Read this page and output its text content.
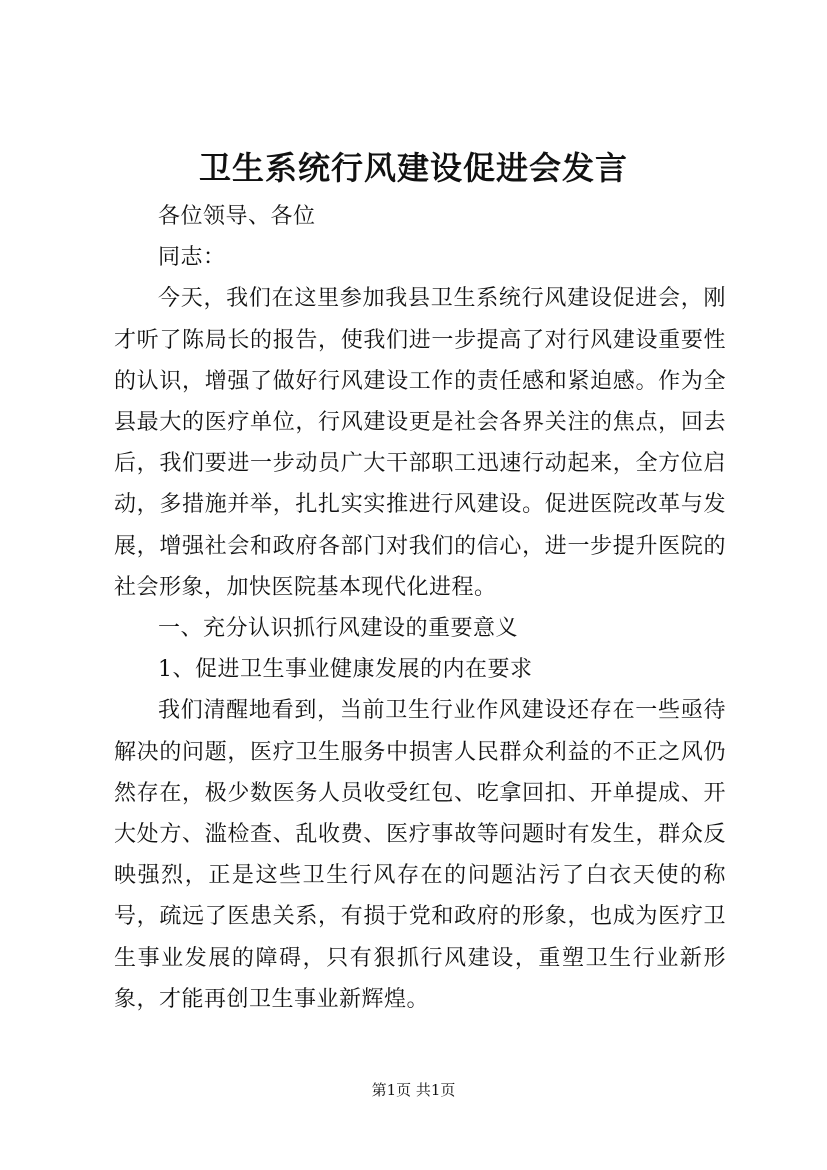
卫生系统行风建设促进会发言

各位领导、各位

同志：

今天，我们在这里参加我县卫生系统行风建设促进会，刚才听了陈局长的报告，使我们进一步提高了对行风建设重要性的认识，增强了做好行风建设工作的责任感和紧迫感。作为全县最大的医疗单位，行风建设更是社会各界关注的焦点，回去后，我们要进一步动员广大干部职工迅速行动起来，全方位启动，多措施并举，扎扎实实推进行风建设。促进医院改革与发展，增强社会和政府各部门对我们的信心，进一步提升医院的社会形象，加快医院基本现代化进程。

一、充分认识抓行风建设的重要意义

1、促进卫生事业健康发展的内在要求

我们清醒地看到，当前卫生行业作风建设还存在一些亟待解决的问题，医疗卫生服务中损害人民群众利益的不正之风仍然存在，极少数医务人员收受红包、吃拿回扣、开单提成、开大处方、滥检查、乱收费、医疗事故等问题时有发生，群众反映强烈，正是这些卫生行风存在的问题沾污了白衣天使的称号，疏远了医患关系，有损于党和政府的形象，也成为医疗卫生事业发展的障碍，只有狠抓行风建设，重塑卫生行业新形象，才能再创卫生事业新辉煌。

第1页 共1页
